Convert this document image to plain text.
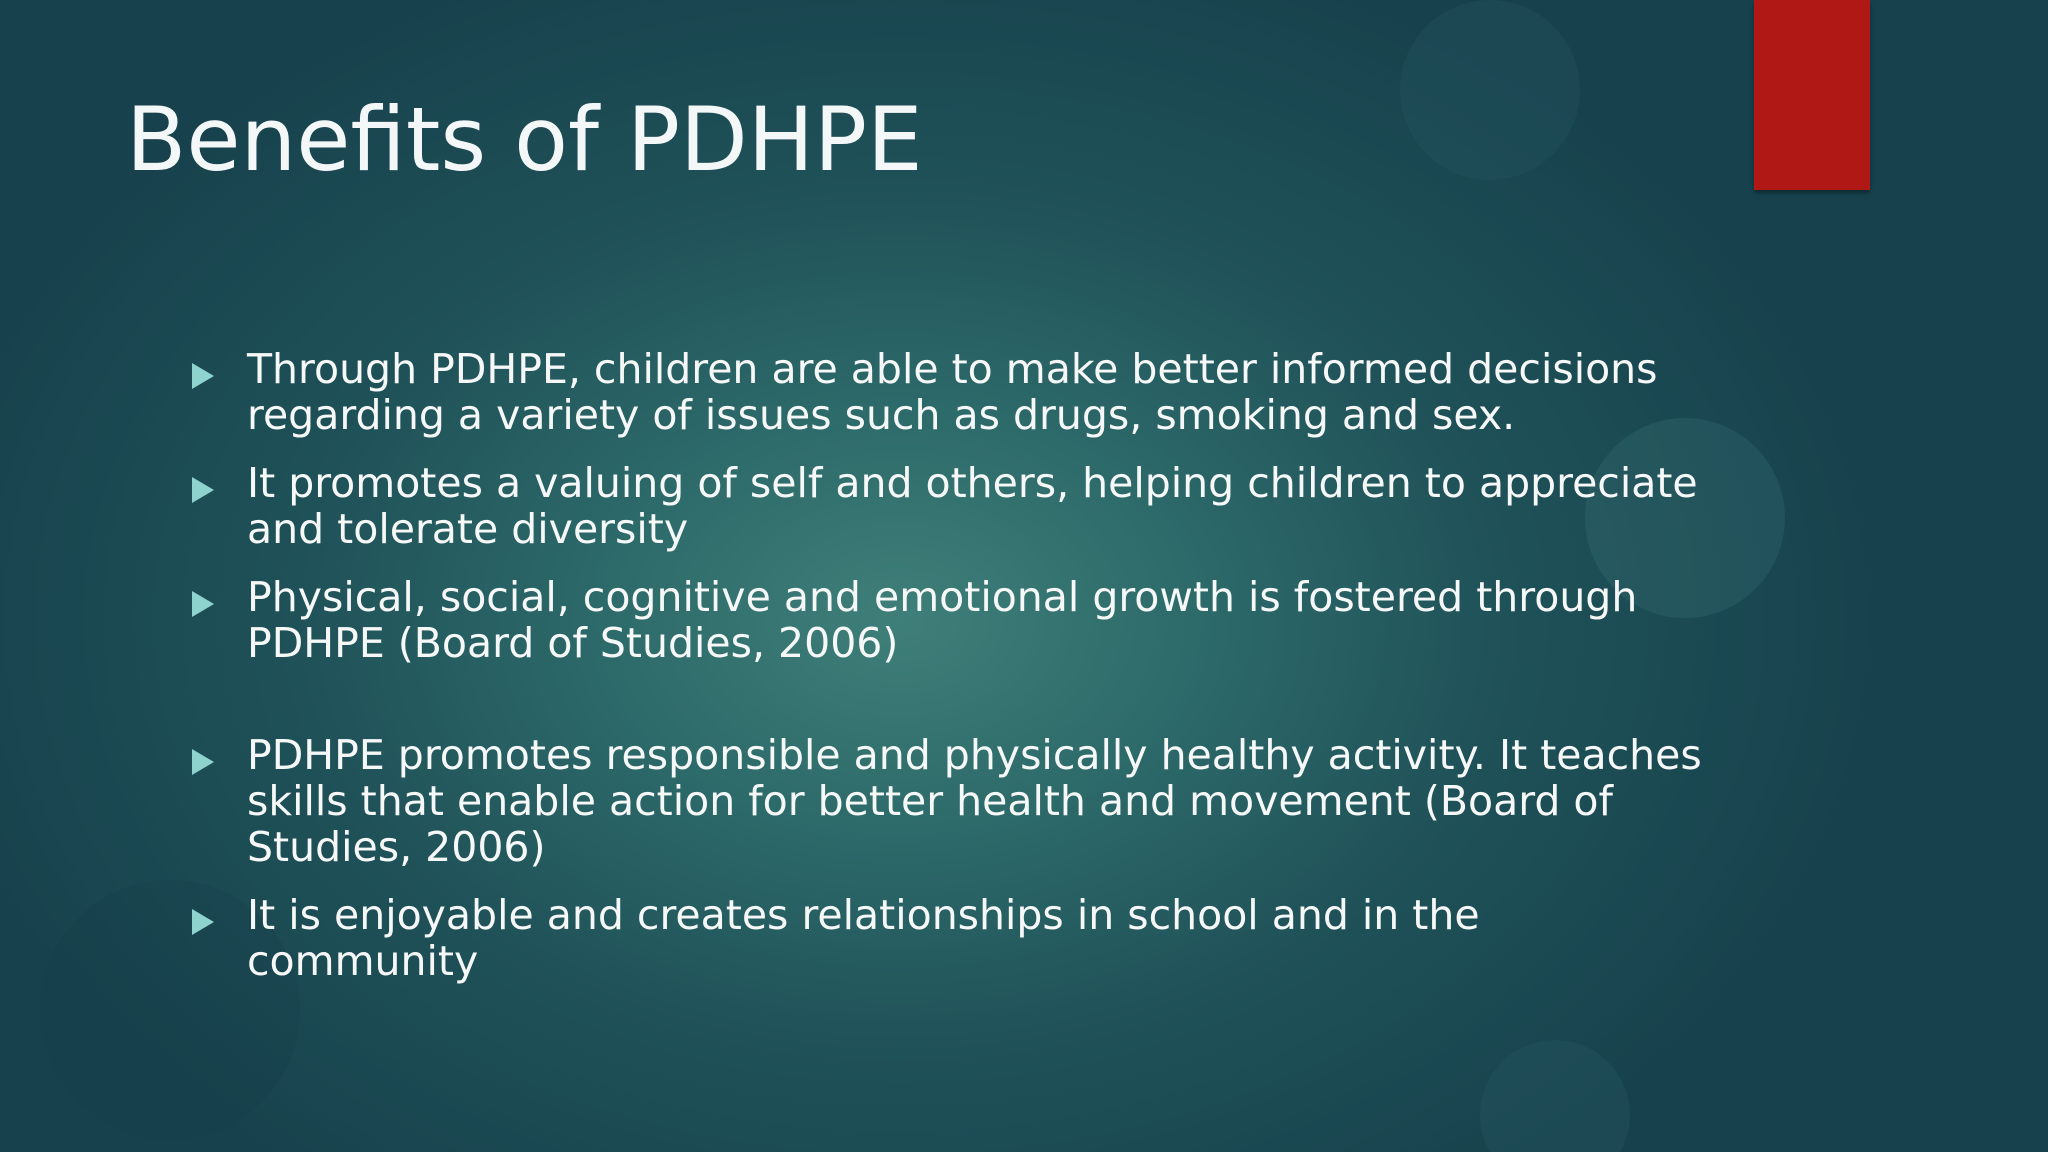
Benefits of PDHPE
Through PDHPE, children are able to make better informed decisions regarding a variety of issues such as drugs, smoking and sex.
It promotes a valuing of self and others, helping children to appreciate and tolerate diversity
Physical, social, cognitive and emotional growth is fostered through PDHPE (Board of Studies, 2006)
PDHPE promotes responsible and physically healthy activity. It teaches skills that enable action for better health and movement (Board of Studies, 2006)
It is enjoyable and creates relationships in school and in the community
